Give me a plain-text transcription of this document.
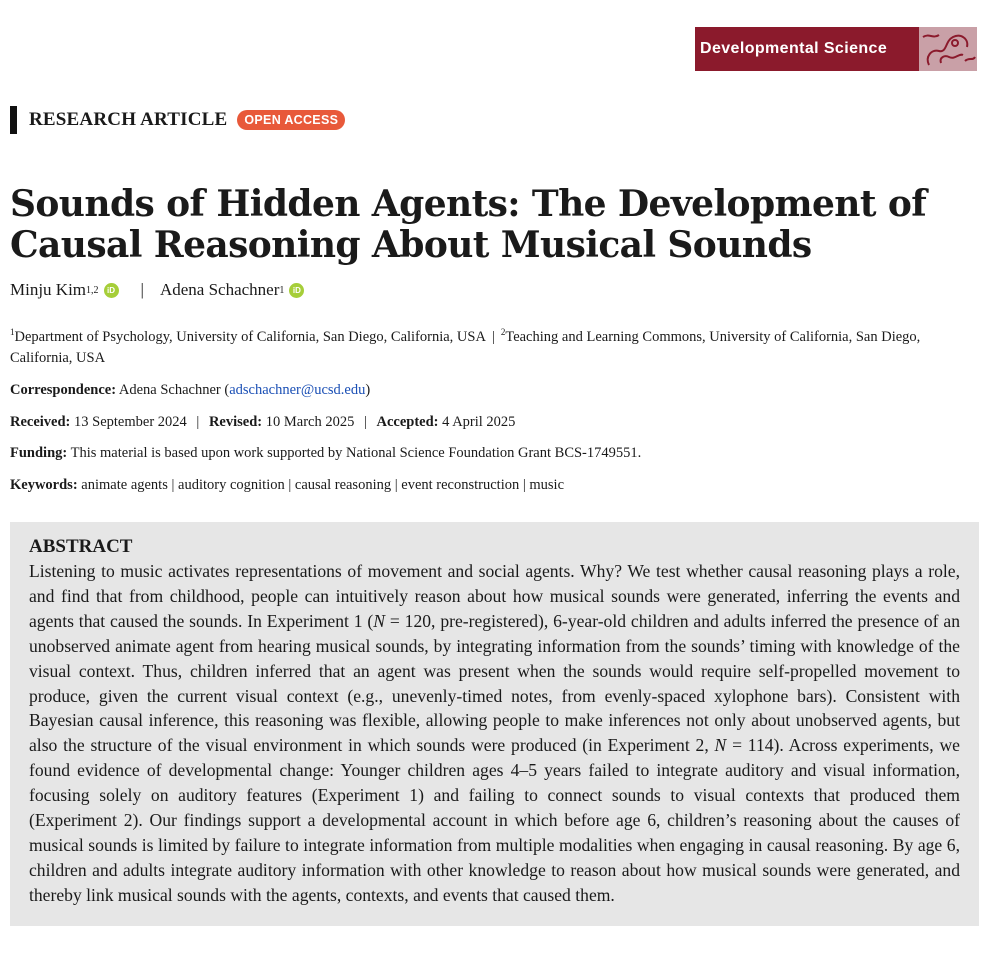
Developmental Science
RESEARCH ARTICLE	OPEN ACCESS
Sounds of Hidden Agents: The Development of Causal Reasoning About Musical Sounds
Minju Kim 1,2	iD | Adena Schachner 1	iD
$^1$Department of Psychology, University of California, San Diego, California, USA | $^2$Teaching and Learning Commons, University of California, San Diego, California, USA
Correspondence: Adena Schachner (adschachner@ucsd.edu)
Received: 13 September 2024 | Revised: 10 March 2025 | Accepted: 4 April 2025
Funding: This material is based upon work supported by National Science Foundation Grant BCS-1749551.
Keywords: animate agents | auditory cognition | causal reasoning | event reconstruction | music
ABSTRACT

Listening to music activates representations of movement and social agents. Why? We test whether causal reasoning plays a role, and find that from childhood, people can intuitively reason about how musical sounds were generated, inferring the events and agents that caused the sounds. In Experiment 1 (N = 120, pre-registered), 6-year-old children and adults inferred the presence of an unobserved animate agent from hearing musical sounds, by integrating information from the sounds’ timing with knowledge of the visual context. Thus, children inferred that an agent was present when the sounds would require self-propelled movement to produce, given the current visual context (e.g., unevenly-timed notes, from evenly-spaced xylophone bars). Consistent with Bayesian causal inference, this reasoning was flexible, allowing people to make inferences not only about unobserved agents, but also the structure of the visual environment in which sounds were produced (in Experiment 2, N = 114). Across experiments, we found evidence of developmental change: Younger children ages 4–5 years failed to integrate auditory and visual information, focusing solely on auditory features (Experiment 1) and failing to connect sounds to visual contexts that produced them (Experiment 2). Our findings support a developmental account in which before age 6, children’s reasoning about the causes of musical sounds is limited by failure to integrate information from multiple modalities when engaging in causal reasoning. By age 6, children and adults integrate auditory information with other knowledge to reason about how musical sounds were generated, and thereby link musical sounds with the agents, contexts, and events that caused them.
